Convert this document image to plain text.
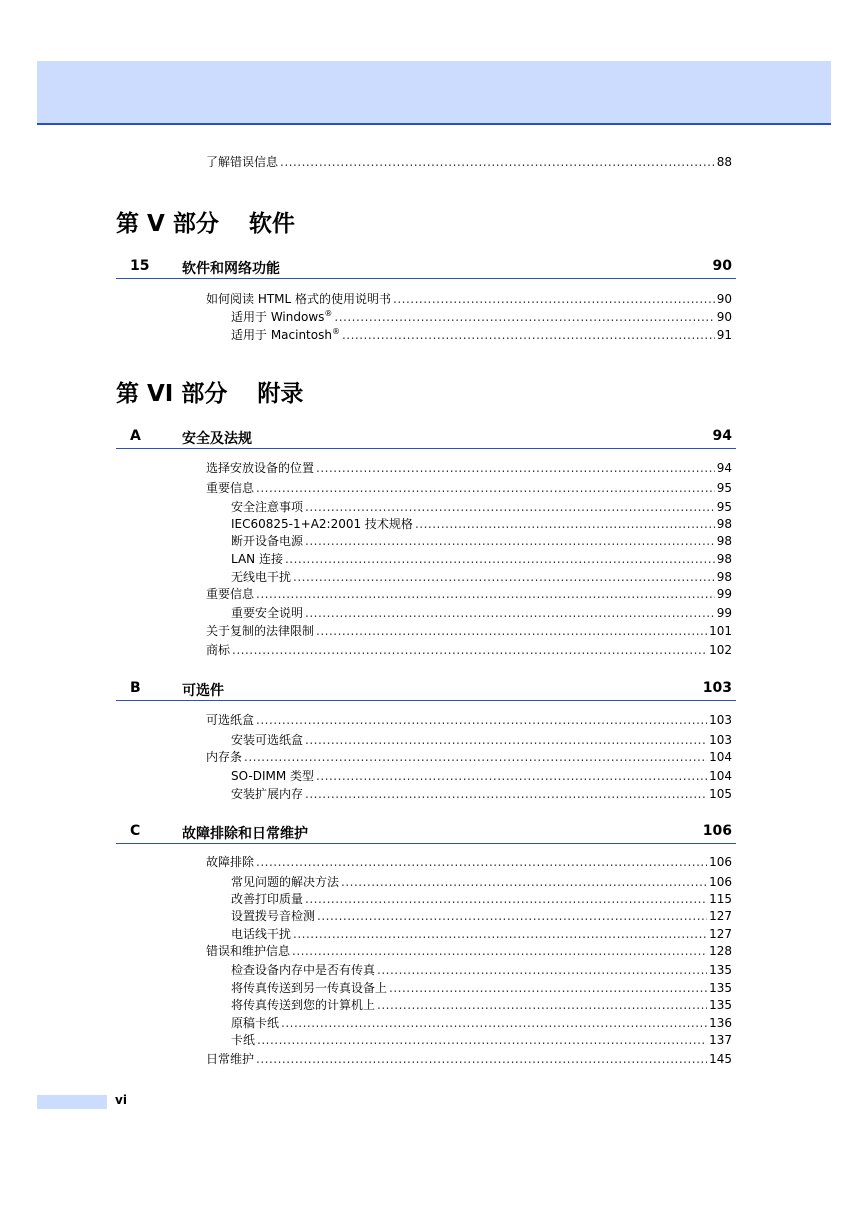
了解错误信息 .....	88
第 V 部分 软件
15	软件和网络功能	90
如何阅读 HTML 格式的使用说明书 .....	90
适用于 Windows® .....	90
适用于 Macintosh® .....	91
第 VI 部分 附录
A	安全及法规	94
选择安放设备的位置 .....	94
重要信息 .....	95
安全注意事项 .....	95
IEC60825-1+A2:2001 技术规格 .....	98
断开设备电源 .....	98
LAN 连接 .....	98
无线电干扰 .....	98
重要信息 .....	99
重要安全说明 .....	99
关于复制的法律限制 .....	101
商标 .....	102
B	可选件	103
可选纸盒 .....	103
安装可选纸盒 .....	103
内存条 .....	104
SO-DIMM 类型 .....	104
安装扩展内存 .....	105
C	故障排除和日常维护	106
故障排除 .....	106
常见问题的解决方法 .....	106
改善打印质量 .....	115
设置拨号音检测 .....	127
电话线干扰 .....	127
错误和维护信息 .....	128
检查设备内存中是否有传真 .....	135
将传真传送到另一传真设备上 .....	135
将传真传送到您的计算机上 .....	135
原稿卡纸 .....	136
卡纸 .....	137
日常维护 .....	145
vi
